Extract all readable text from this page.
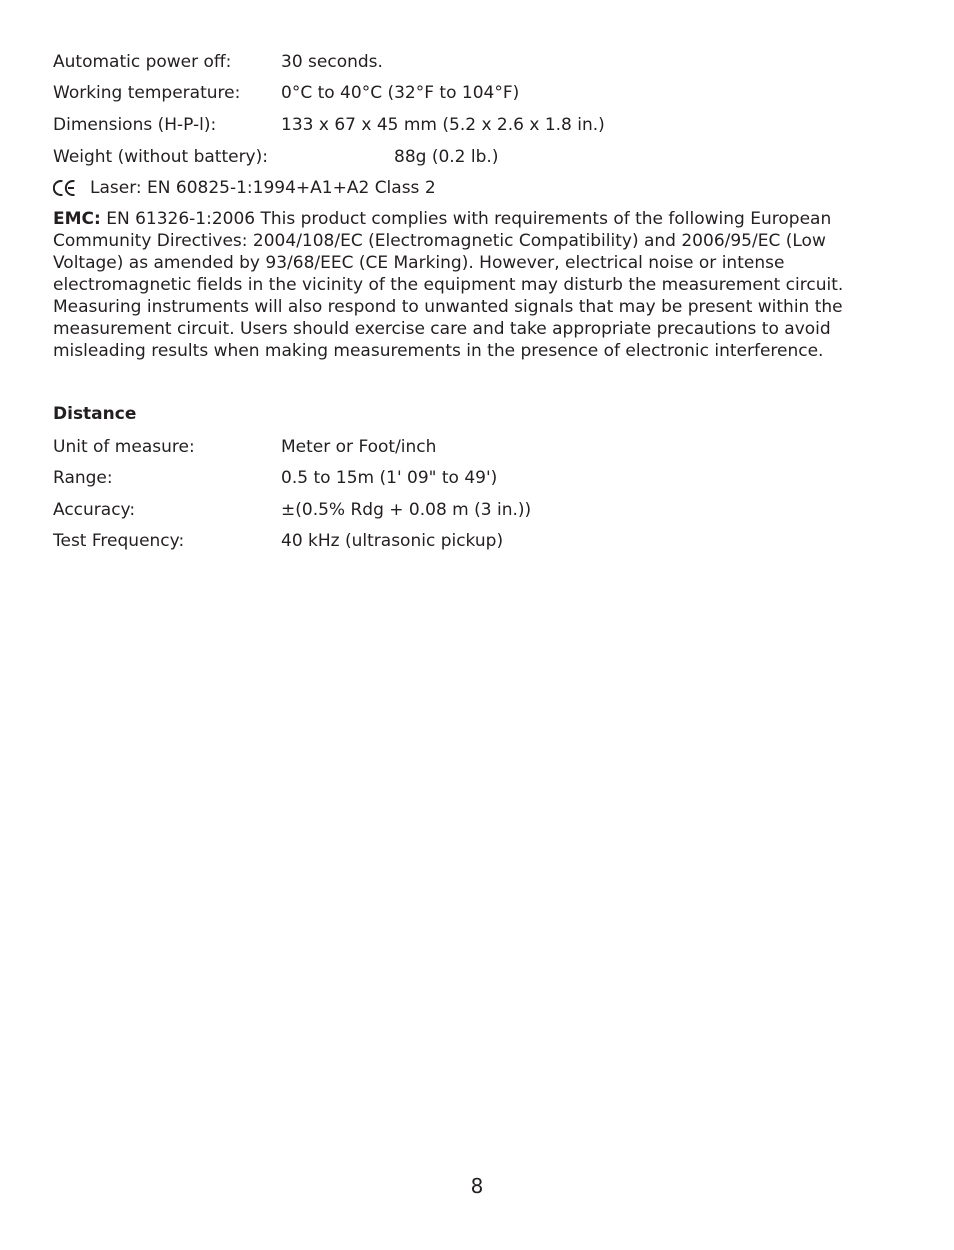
Automatic power off:	30 seconds.
Working temperature: 0°C to 40°C (32°F to 104°F)
Dimensions (H-P-l):	133 x 67 x 45 mm (5.2 x 2.6 x 1.8 in.)
Weight (without battery):	88g (0.2 lb.)
Laser: EN 60825-1:1994+A1+A2 Class 2
EMC: EN 61326-1:2006 This product complies with requirements of the following European Community Directives: 2004/108/EC (Electromagnetic Compatibility) and 2006/95/EC (Low Voltage) as amended by 93/68/EEC (CE Marking). However, electrical noise or intense electromagnetic fields in the vicinity of the equipment may disturb the measurement circuit. Measuring instruments will also respond to unwanted signals that may be present within the measurement circuit. Users should exercise care and take appropriate precautions to avoid misleading results when making measurements in the presence of electronic interference.
Distance
Unit of measure:	Meter or Foot/inch
Range:	0.5 to 15m (1' 09" to 49')
Accuracy:	±(0.5% Rdg + 0.08 m (3 in.))
Test Frequency:	40 kHz (ultrasonic pickup)
8
